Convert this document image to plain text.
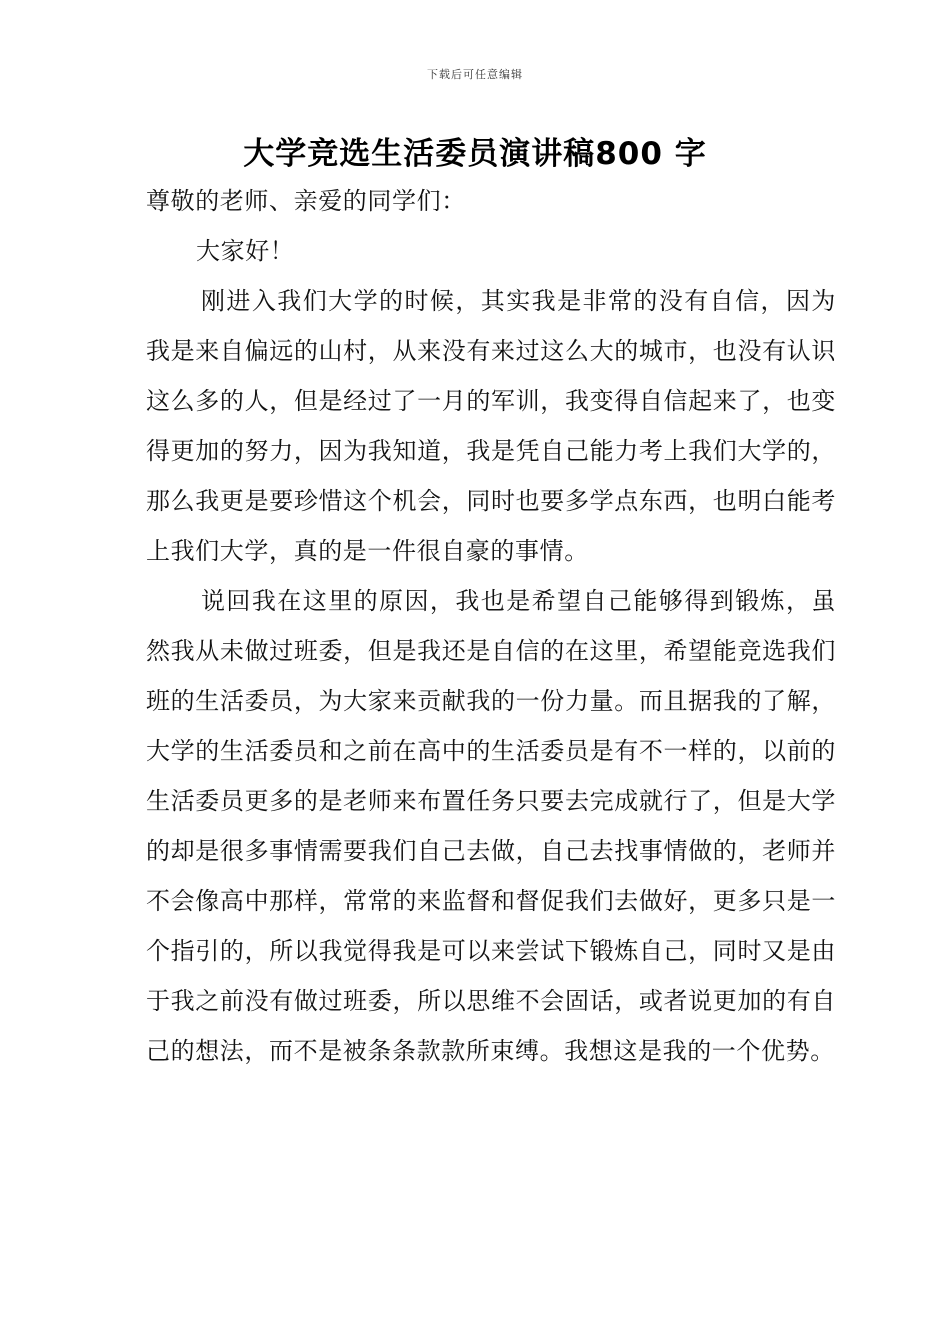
下载后可任意编辑
大学竞选生活委员演讲稿800 字

尊敬的老师、亲爱的同学们：

大家好！

刚进入我们大学的时候，其实我是非常的没有自信，因为我是来自偏远的山村，从来没有来过这么大的城市，也没有认识这么多的人，但是经过了一月的军训，我变得自信起来了，也变得更加的努力，因为我知道，我是凭自己能力考上我们大学的，那么我更是要珍惜这个机会，同时也要多学点东西，也明白能考上我们大学，真的是一件很自豪的事情。

说回我在这里的原因，我也是希望自己能够得到锻炼，虽然我从未做过班委，但是我还是自信的在这里，希望能竞选我们班的生活委员，为大家来贡献我的一份力量。而且据我的了解，大学的生活委员和之前在高中的生活委员是有不一样的，以前的生活委员更多的是老师来布置任务只要去完成就行了，但是大学的却是很多事情需要我们自己去做，自己去找事情做的，老师并不会像高中那样，常常的来监督和督促我们去做好，更多只是一个指引的，所以我觉得我是可以来尝试下锻炼自己，同时又是由于我之前没有做过班委，所以思维不会固话，或者说更加的有自己的想法，而不是被条条款款所束缚。我想这是我的一个优势。
